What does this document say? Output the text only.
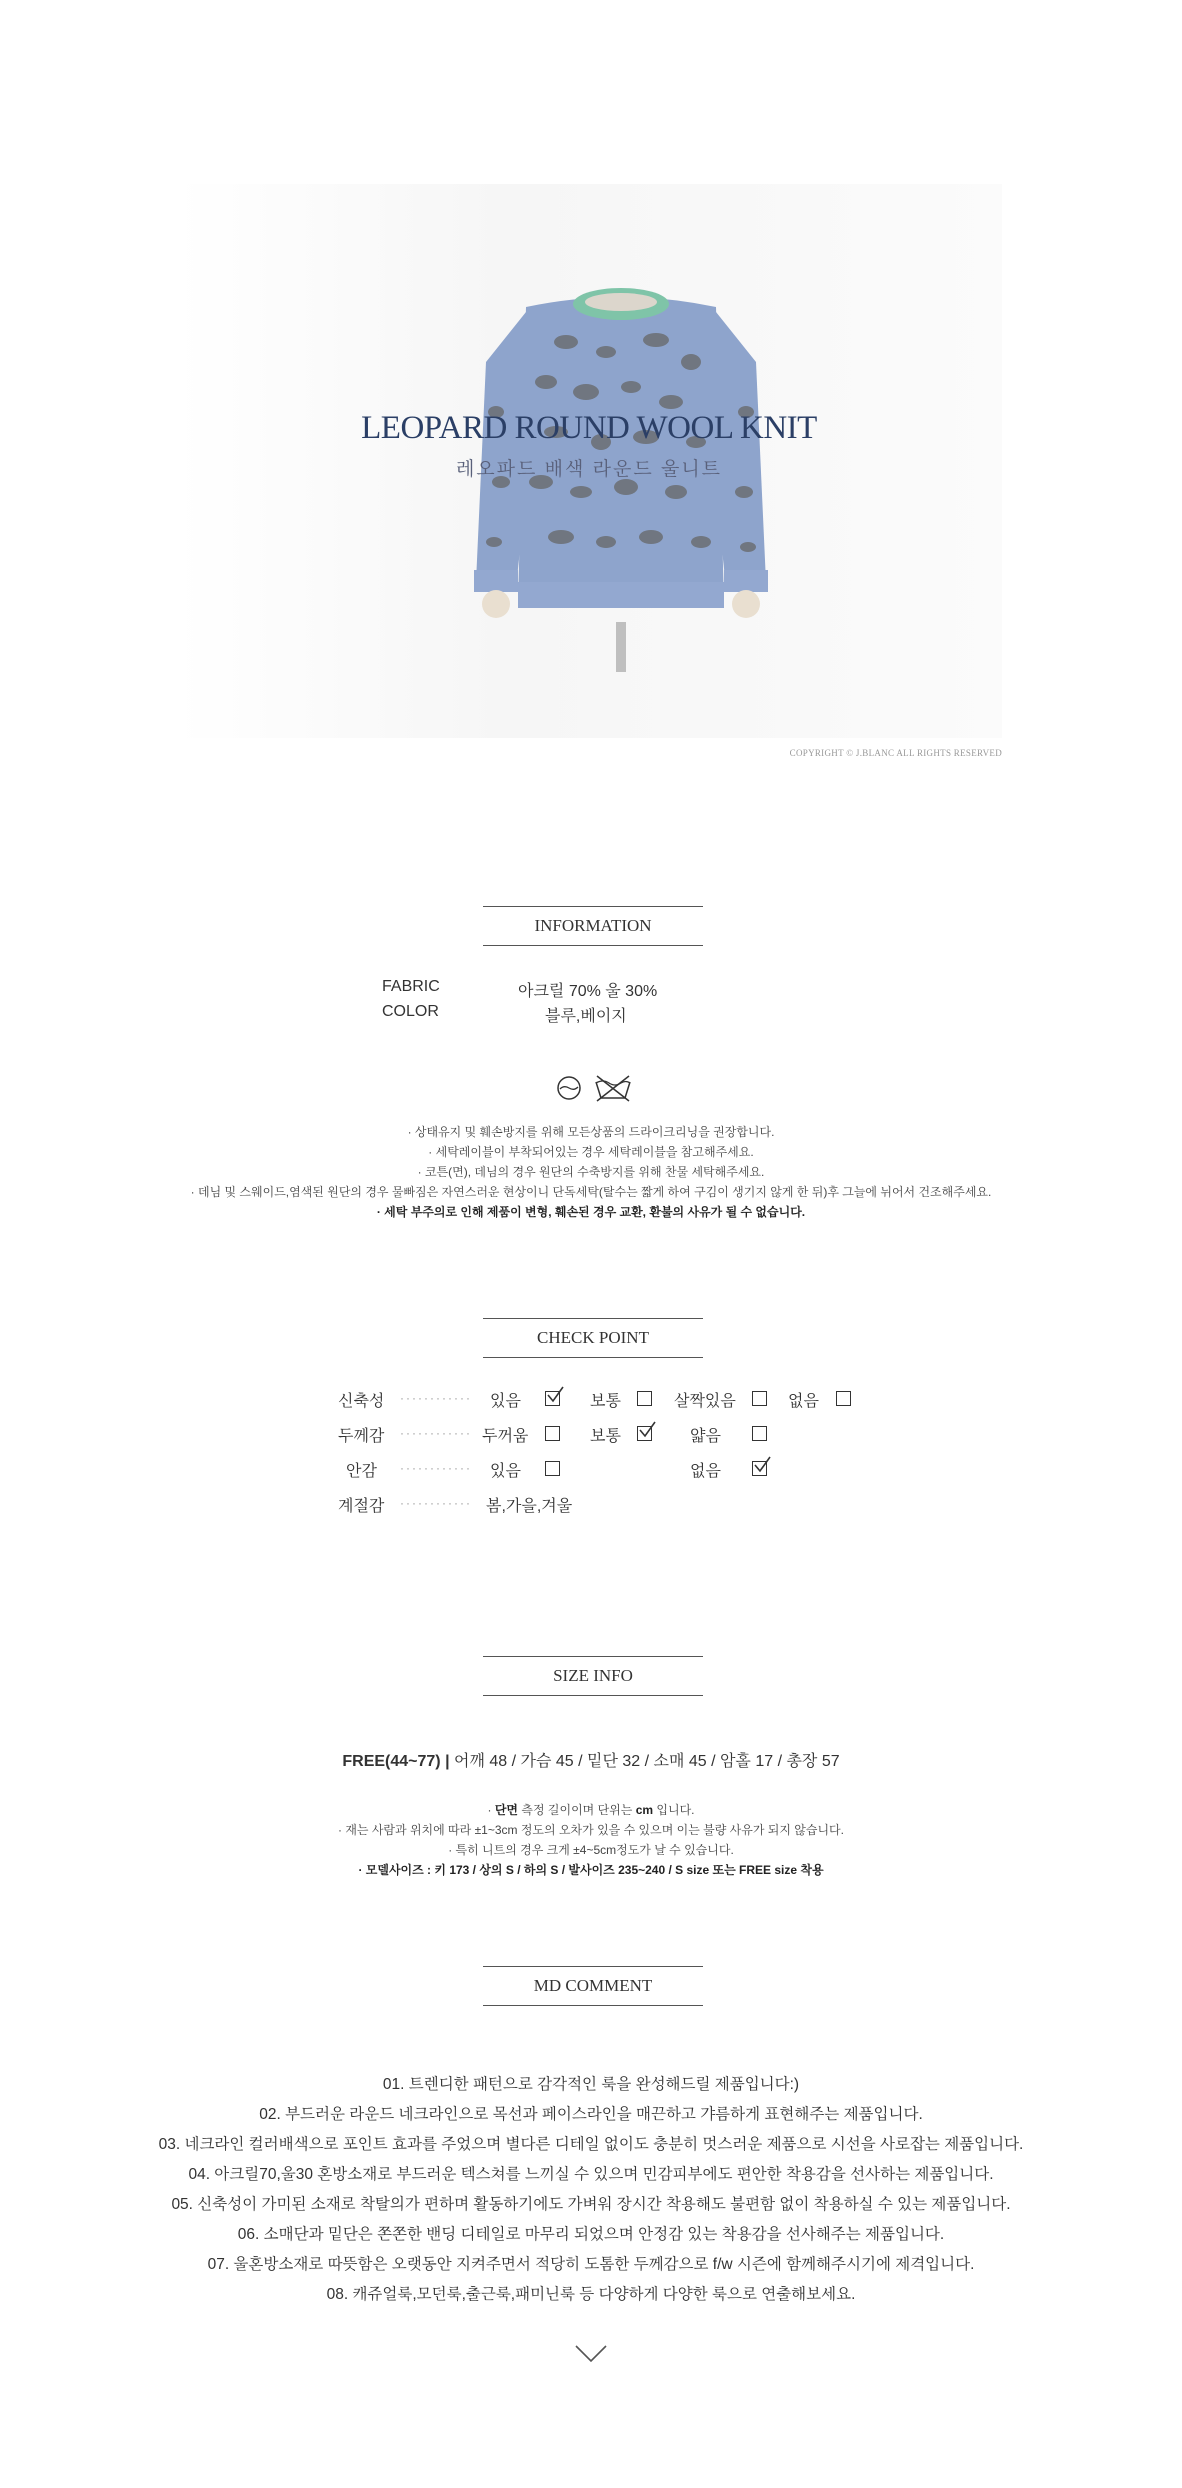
LEOPARD ROUND WOOL KNIT
레오파드 배색 라운드 울니트
COPYRIGHT © J.BLANC ALL RIGHTS RESERVED
INFORMATION
FABRIC	아크릴 70% 울 30%
COLOR	블루,베이지
· 상태유지 및 훼손방지를 위해 모든상품의 드라이크리닝을 권장합니다.
· 세탁레이블이 부착되어있는 경우 세탁레이블을 참고해주세요.
· 코튼(면), 데님의 경우 원단의 수축방지를 위해 찬물 세탁해주세요.
· 데님 및 스웨이드,염색된 원단의 경우 물빠짐은 자연스러운 현상이니 단독세탁(탈수는 짧게 하여 구김이 생기지 않게 한 뒤)후 그늘에 뉘어서 건조해주세요.
· 세탁 부주의로 인해 제품이 변형, 훼손된 경우 교환, 환불의 사유가 될 수 없습니다.
CHECK POINT
신축성 ············ 있음	보통	살짝있음	없음
두께감 ············ 두꺼움	보통	얇음
안감 ············ 있음	없음
계절감 ············ 봄,가을,겨울
SIZE INFO
FREE(44~77) | 어깨 48 / 가슴 45 / 밑단 32 / 소매 45 / 암홀 17 / 총장 57
· 단면 측정 길이이며 단위는 cm 입니다.
· 재는 사람과 위치에 따라 ±1~3cm 정도의 오차가 있을 수 있으며 이는 불량 사유가 되지 않습니다.
· 특히 니트의 경우 크게 ±4~5cm정도가 날 수 있습니다.
· 모델사이즈 : 키 173 / 상의 S / 하의 S / 발사이즈 235~240 / S size 또는 FREE size 착용
MD COMMENT
01. 트렌디한 패턴으로 감각적인 룩을 완성해드릴 제품입니다:)
02. 부드러운 라운드 네크라인으로 목선과 페이스라인을 매끈하고 갸름하게 표현해주는 제품입니다.
03. 네크라인 컬러배색으로 포인트 효과를 주었으며 별다른 디테일 없이도 충분히 멋스러운 제품으로 시선을 사로잡는 제품입니다.
04. 아크릴70,울30 혼방소재로 부드러운 텍스쳐를 느끼실 수 있으며 민감피부에도 편안한 착용감을 선사하는 제품입니다.
05. 신축성이 가미된 소재로 착탈의가 편하며 활동하기에도 가벼워 장시간 착용해도 불편함 없이 착용하실 수 있는 제품입니다.
06. 소매단과 밑단은 쫀쫀한 밴딩 디테일로 마무리 되었으며 안정감 있는 착용감을 선사해주는 제품입니다.
07. 울혼방소재로 따뜻함은 오랫동안 지켜주면서 적당히 도톰한 두께감으로 f/w 시즌에 함께해주시기에 제격입니다.
08. 캐쥬얼룩,모던룩,출근룩,패미닌룩 등 다양하게 다양한 룩으로 연출해보세요.
